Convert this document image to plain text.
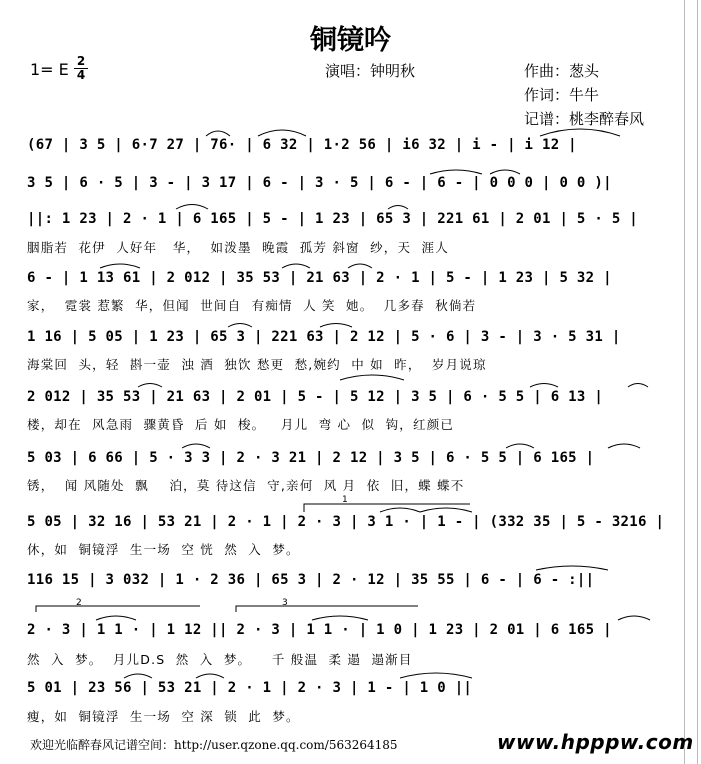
铜镜吟
1= E 2
4	演唱：钟明秋	作曲：葱头
作词：牛牛
记谱：桃李醉春风
(67 | 3 5 | 6·7 27 | 76· | 6 32 | 1·2 56 | i6 32 | i - | i 12 |
3 5 | 6 · 5 | 3 - | 3 17 | 6 - | 3 · 5 | 6 - | 6 - | 0 0 0 | 0 0 )|
||: 1 23 | 2 · 1 | 6 165 | 5 - | 1 23 | 65 3 | 221 61 | 2 01 | 5 · 5 |
胭脂若  花伊  人好年   华，  如泼墨  晚霞  孤芳 斜窗  纱，天  涯人
6 - | 1 13 61 | 2 012 | 35 53 | 21 63 | 2 · 1 | 5 - | 1 23 | 5 32 |
家，  霓裳 惹繁  华，但闻  世间自  有痴情  人 笑  她。  几多春  秋倘若
1 16 | 5 05 | 1 23 | 65 3 | 221 63 | 2 12 | 5 · 6 | 3 - | 3 · 5 31 |
海棠回  头，轻  斟一壶  浊 酒  独饮 愁更  愁,婉约  中 如  昨，  岁月说琼
2 012 | 35 53 | 21 63 | 2 01 | 5 - | 5 12 | 3 5 | 6 · 5 5 | 6 13 |
楼，却在  风急雨  骤黄昏  后 如  梭。   月儿  弯 心  似  钩，红颜已
5 03 | 6 66 | 5 · 3 3 | 2 · 3 21 | 2 12 | 3 5 | 6 · 5 5 | 6 165 |
锈，  闻 风随处  飘    泊，莫 待这信  守,亲何  风 月  依  旧，蝶 蝶不
5 05 | 32 16 | 53 21 | 2 · 1 | 2 · 3 | 3 1 · | 1 - | (332 35 | 5 - 3216 |
休，如  铜镜浮  生一场  空 恍  然  入  梦。
116 15 | 3 032 | 1 · 2 36 | 65 3 | 2 · 12 | 35 55 | 6 - | 6 - :||
2 · 3 | 1 1 · | 1 12 || 2 · 3 | 1 1 · | 1 0 | 1 23 | 2 01 | 6 165 |
然  入  梦。  月儿D.S  然  入  梦。    千 般温  柔 遢  遢渐目
5 01 | 23 56 | 53 21 | 2 · 1 | 2 · 3 | 1 - | 1 0 ||
瘦，如  铜镜浮  生一场  空 深  锁  此  梦。
1
2	3
欢迎光临醉春风记谱空间：http://user.qzone.qq.com/563264185	www.hpppw.com
